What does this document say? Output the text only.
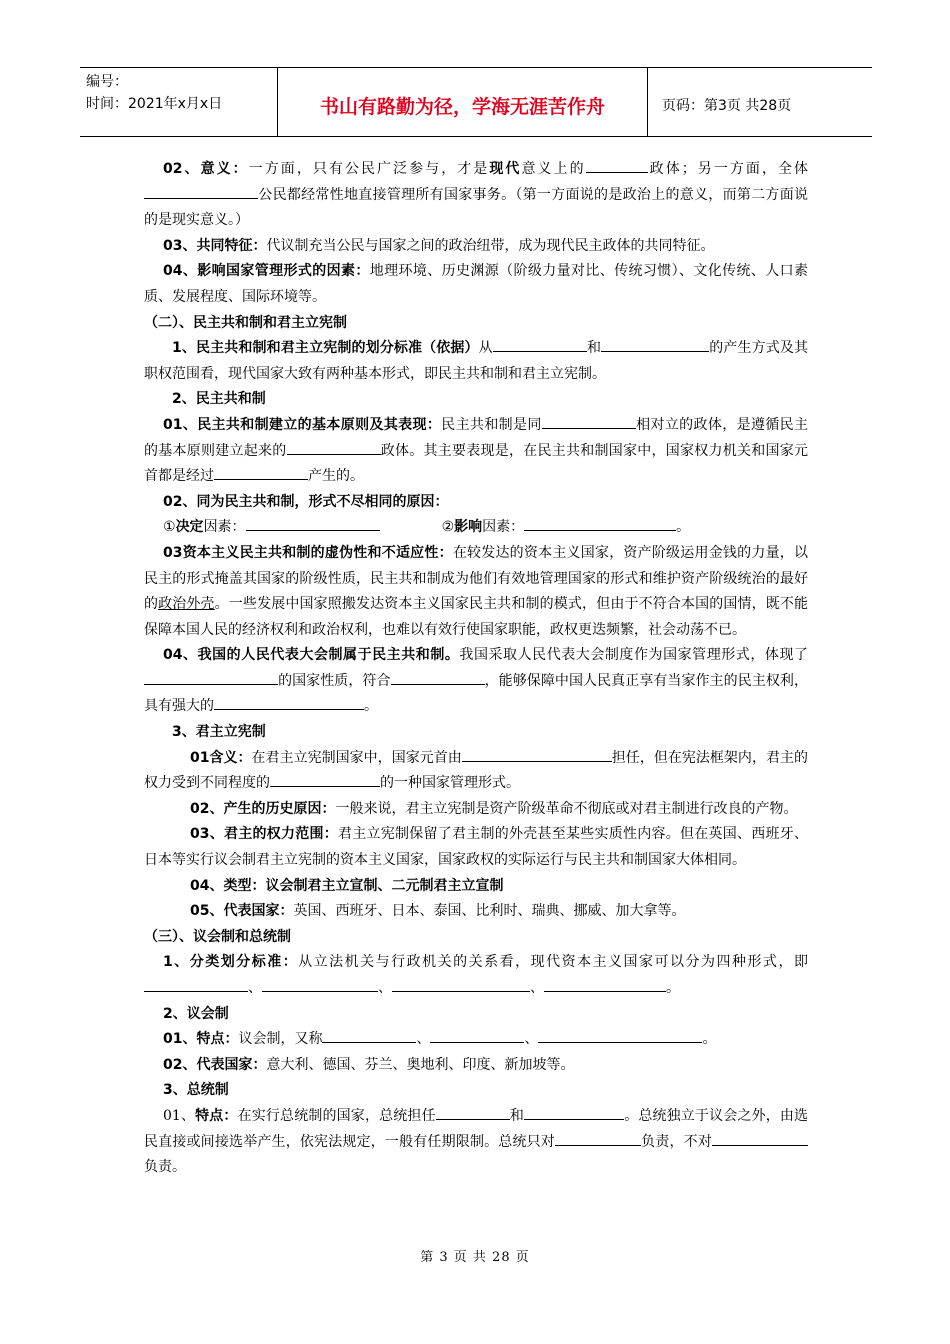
编号：
时间：2021年x月x日	书山有路勤为径，学海无涯苦作舟	页码：第3页 共28页

02、意义：一方面，只有公民广泛参与，才是现代意义上的	政体；另一方面，全体公民都经常性地直接管理所有国家事务。（第一方面说的是政治上的意义，而第二方面说的是现实意义。）

03、共同特征：代议制充当公民与国家之间的政治纽带，成为现代民主政体的共同特征。

04、影响国家管理形式的因素：地理环境、历史渊源（阶级力量对比、传统习惯）、文化传统、人口素质、发展程度、国际环境等。

（二）、民主共和制和君主立宪制

1、民主共和制和君主立宪制的划分标准（依据）从	和	的产生方式及其职权范围看，现代国家大致有两种基本形式，即民主共和制和君主立宪制。

2、民主共和制

01、民主共和制建立的基本原则及其表现：民主共和制是同	相对立的政体，是遵循民主的基本原则建立起来的	政体。其主要表现是，在民主共和制国家中，国家权力机关和国家元首都是经过	产生的。

02、同为民主共和制，形式不尽相同的原因：

①决定因素：	②影响因素：	。

03资本主义民主共和制的虚伪性和不适应性：在较发达的资本主义国家，资产阶级运用金钱的力量，以民主的形式掩盖其国家的阶级性质，民主共和制成为他们有效地管理国家的形式和维护资产阶级统治的最好的政治外壳。一些发展中国家照搬发达资本主义国家民主共和制的模式，但由于不符合本国的国情，既不能保障本国人民的经济权利和政治权利，也难以有效行使国家职能，政权更迭频繁，社会动荡不已。

04、我国的人民代表大会制属于民主共和制。我国采取人民代表大会制度作为国家管理形式，体现了的国家性质，符合	，能够保障中国人民真正享有当家作主的民主权利，具有强大的	。

3、君主立宪制

01含义：在君主立宪制国家中，国家元首由	担任，但在宪法框架内，君主的权力受到不同程度的	的一种国家管理形式。

02、产生的历史原因：一般来说，君主立宪制是资产阶级革命不彻底或对君主制进行改良的产物。

03、君主的权力范围：君主立宪制保留了君主制的外壳甚至某些实质性内容。但在英国、西班牙、日本等实行议会制君主立宪制的资本主义国家，国家政权的实际运行与民主共和制国家大体相同。

04、类型：议会制君主立宣制、二元制君主立宣制

05、代表国家：英国、西班牙、日本、泰国、比利时、瑞典、挪威、加大拿等。

（三）、议会制和总统制

1、分类划分标准：从立法机关与行政机关的关系看，现代资本主义国家可以分为四种形式，即、	、	、	。

2、议会制

01、特点：议会制，又称	、	、	。

02、代表国家：意大利、德国、芬兰、奥地利、印度、新加坡等。

3、总统制

01、特点：在实行总统制的国家，总统担任	和	。总统独立于议会之外，由选民直接或间接选举产生，依宪法规定，一般有任期限制。总统只对	负责，不对负责。

第 3 页 共 28 页
